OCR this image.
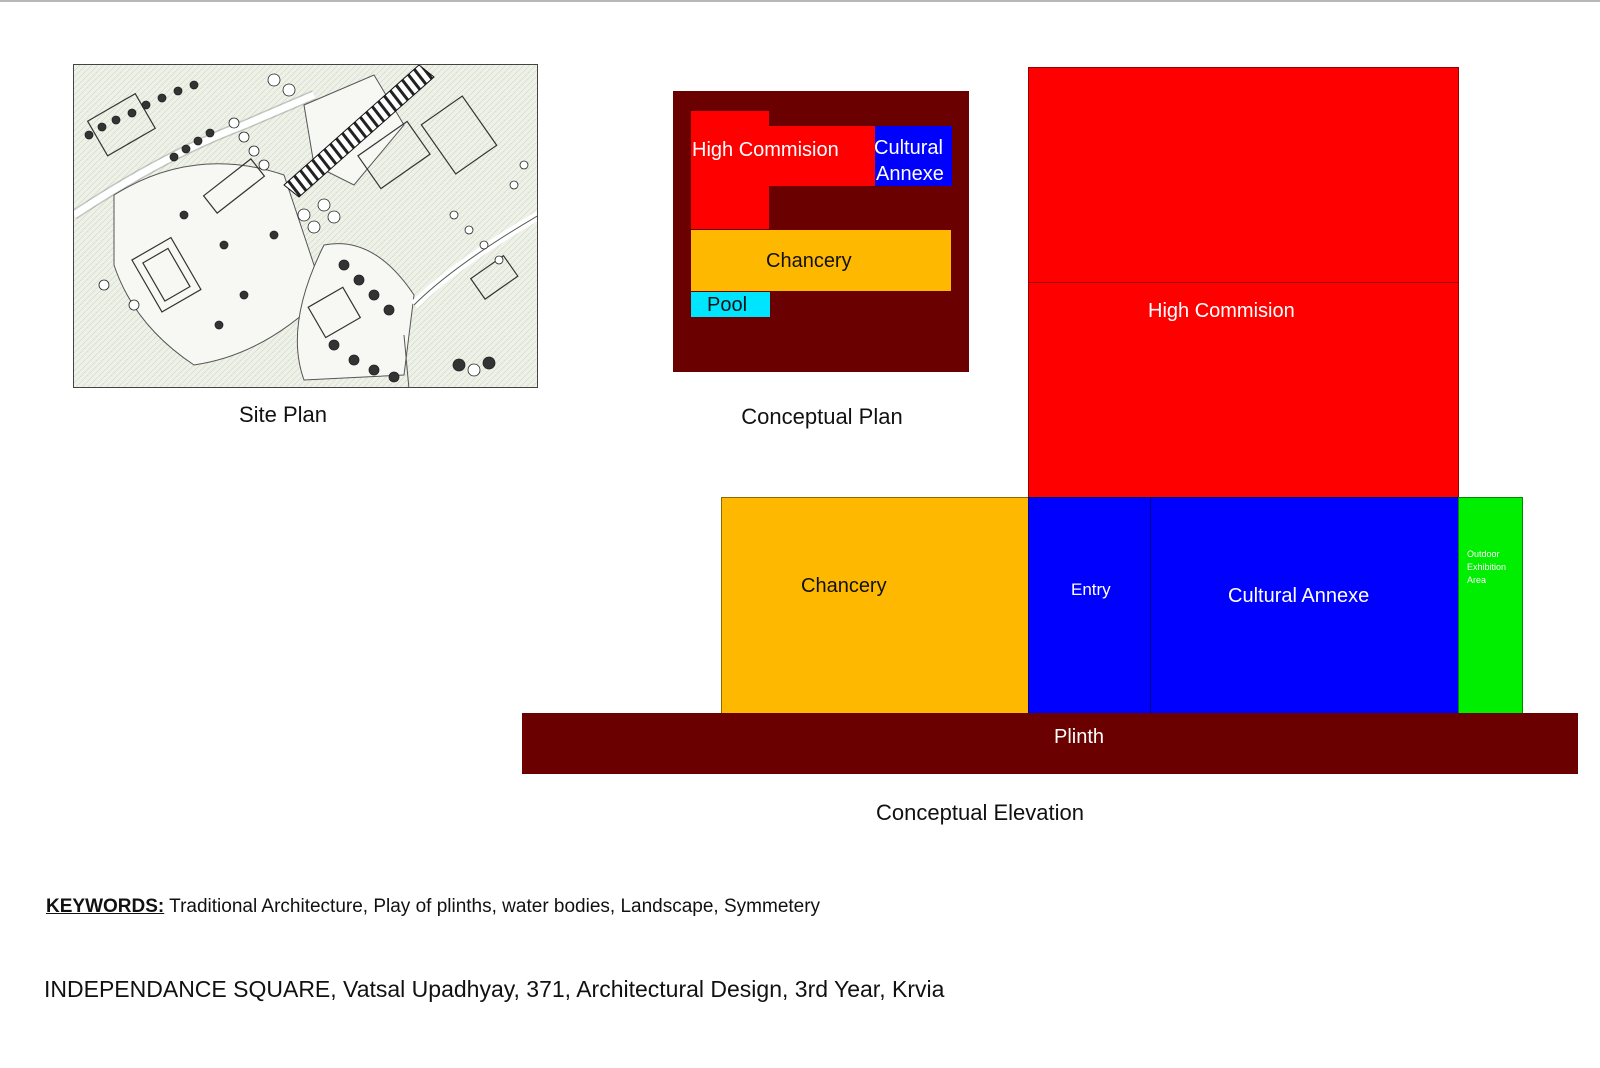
Site Plan
High Commision Cultural
Annexe
Chancery
Pool
Conceptual Plan
High Commision
Chancery	Entry	Cultural Annexe
Outdoor
Exhibition
Area
Plinth
Conceptual Elevation
KEYWORDS: Traditional Architecture, Play of plinths, water bodies, Landscape, Symmetery
INDEPENDANCE SQUARE, Vatsal Upadhyay, 371, Architectural Design, 3rd Year, Krvia
